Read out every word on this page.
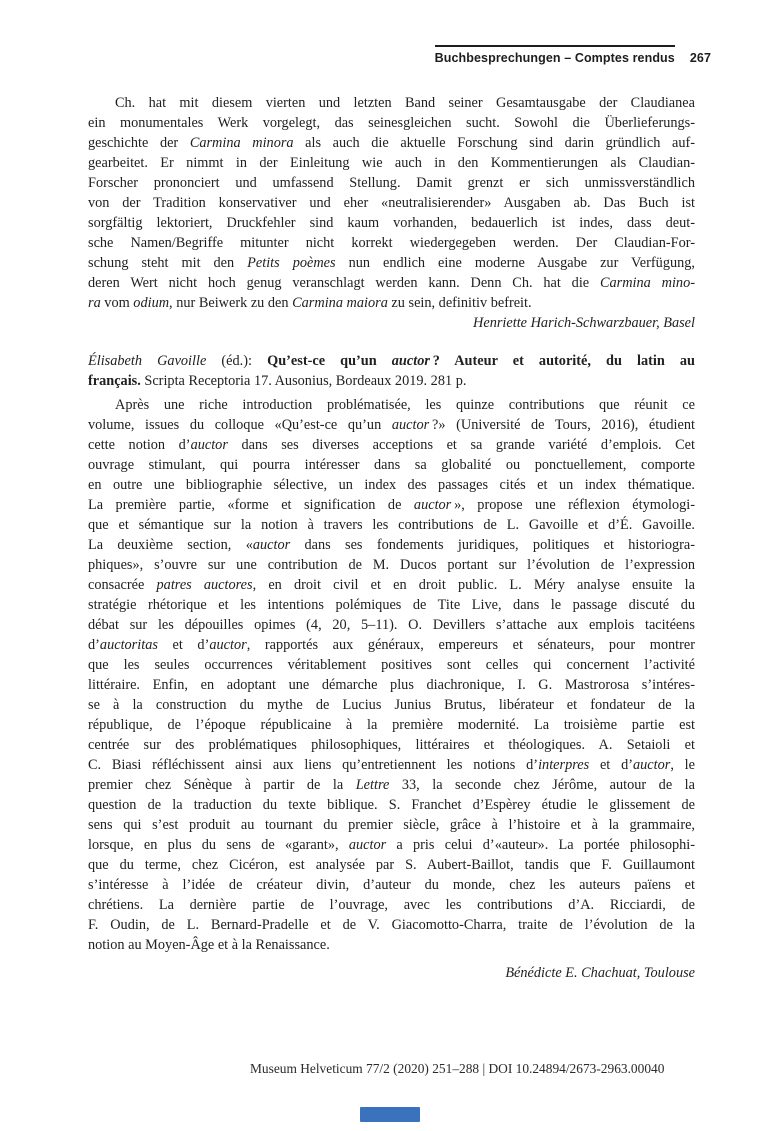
Buchbesprechungen – Comptes rendus 267
Ch. hat mit diesem vierten und letzten Band seiner Gesamtausgabe der Claudianea
ein monumentales Werk vorgelegt, das seinesgleichen sucht. Sowohl die Überlieferungs-
geschichte der Carmina minora als auch die aktuelle Forschung sind darin gründlich auf-
gearbeitet. Er nimmt in der Einleitung wie auch in den Kommentierungen als Claudian-
Forscher prononciert und umfassend Stellung. Damit grenzt er sich unmissverständlich
von der Tradition konservativer und eher «neutralisierender» Ausgaben ab. Das Buch ist
sorgfältig lektoriert, Druckfehler sind kaum vorhanden, bedauerlich ist indes, dass deut-
sche Namen/Begriffe mitunter nicht korrekt wiedergegeben werden. Der Claudian-For-
schung steht mit den Petits poèmes nun endlich eine moderne Ausgabe zur Verfügung,
deren Wert nicht hoch genug veranschlagt werden kann. Denn Ch. hat die Carmina mino-
ra vom odium, nur Beiwerk zu den Carmina maiora zu sein, definitiv befreit.
Henriette Harich-Schwarzbauer, Basel
Élisabeth Gavoille (éd.): Qu’est-ce qu’un auctor ? Auteur et autorité, du latin au
français. Scripta Receptoria 17. Ausonius, Bordeaux 2019. 281 p.
Après une riche introduction problématisée, les quinze contributions que réunit ce
volume, issues du colloque «Qu’est-ce qu’un auctor ?» (Université de Tours, 2016), étudient
cette notion d’auctor dans ses diverses acceptions et sa grande variété d’emplois. Cet
ouvrage stimulant, qui pourra intéresser dans sa globalité ou ponctuellement, comporte
en outre une bibliographie sélective, un index des passages cités et un index thématique.
La première partie, «forme et signification de auctor », propose une réflexion étymologi-
que et sémantique sur la notion à travers les contributions de L. Gavoille et d’É. Gavoille.
La deuxième section, «auctor dans ses fondements juridiques, politiques et historiogra-
phiques», s’ouvre sur une contribution de M. Ducos portant sur l’évolution de l’expression
consacrée patres auctores, en droit civil et en droit public. L. Méry analyse ensuite la
stratégie rhétorique et les intentions polémiques de Tite Live, dans le passage discuté du
débat sur les dépouilles opimes (4, 20, 5–11). O. Devillers s’attache aux emplois tacitéens
d’auctoritas et d’auctor, rapportés aux généraux, empereurs et sénateurs, pour montrer
que les seules occurrences véritablement positives sont celles qui concernent l’activité
littéraire. Enfin, en adoptant une démarche plus diachronique, I. G. Mastrorosa s’intéres-
se à la construction du mythe de Lucius Junius Brutus, libérateur et fondateur de la
république, de l’époque républicaine à la première modernité. La troisième partie est
centrée sur des problématiques philosophiques, littéraires et théologiques. A. Setaioli et
C. Biasi réfléchissent ainsi aux liens qu’entretiennent les notions d’interpres et d’auctor, le
premier chez Sénèque à partir de la Lettre 33, la seconde chez Jérôme, autour de la
question de la traduction du texte biblique. S. Franchet d’Espèrey étudie le glissement de
sens qui s’est produit au tournant du premier siècle, grâce à l’histoire et à la grammaire,
lorsque, en plus du sens de «garant», auctor a pris celui d’«auteur». La portée philosophi-
que du terme, chez Cicéron, est analysée par S. Aubert-Baillot, tandis que F. Guillaumont
s’intéresse à l’idée de créateur divin, d’auteur du monde, chez les auteurs païens et
chrétiens. La dernière partie de l’ouvrage, avec les contributions d’A. Ricciardi, de
F. Oudin, de L. Bernard-Pradelle et de V. Giacomotto-Charra, traite de l’évolution de la
notion au Moyen-Âge et à la Renaissance.
Bénédicte E. Chachuat, Toulouse
Museum Helveticum 77/2 (2020) 251–288 | DOI 10.24894/2673-2963.00040
